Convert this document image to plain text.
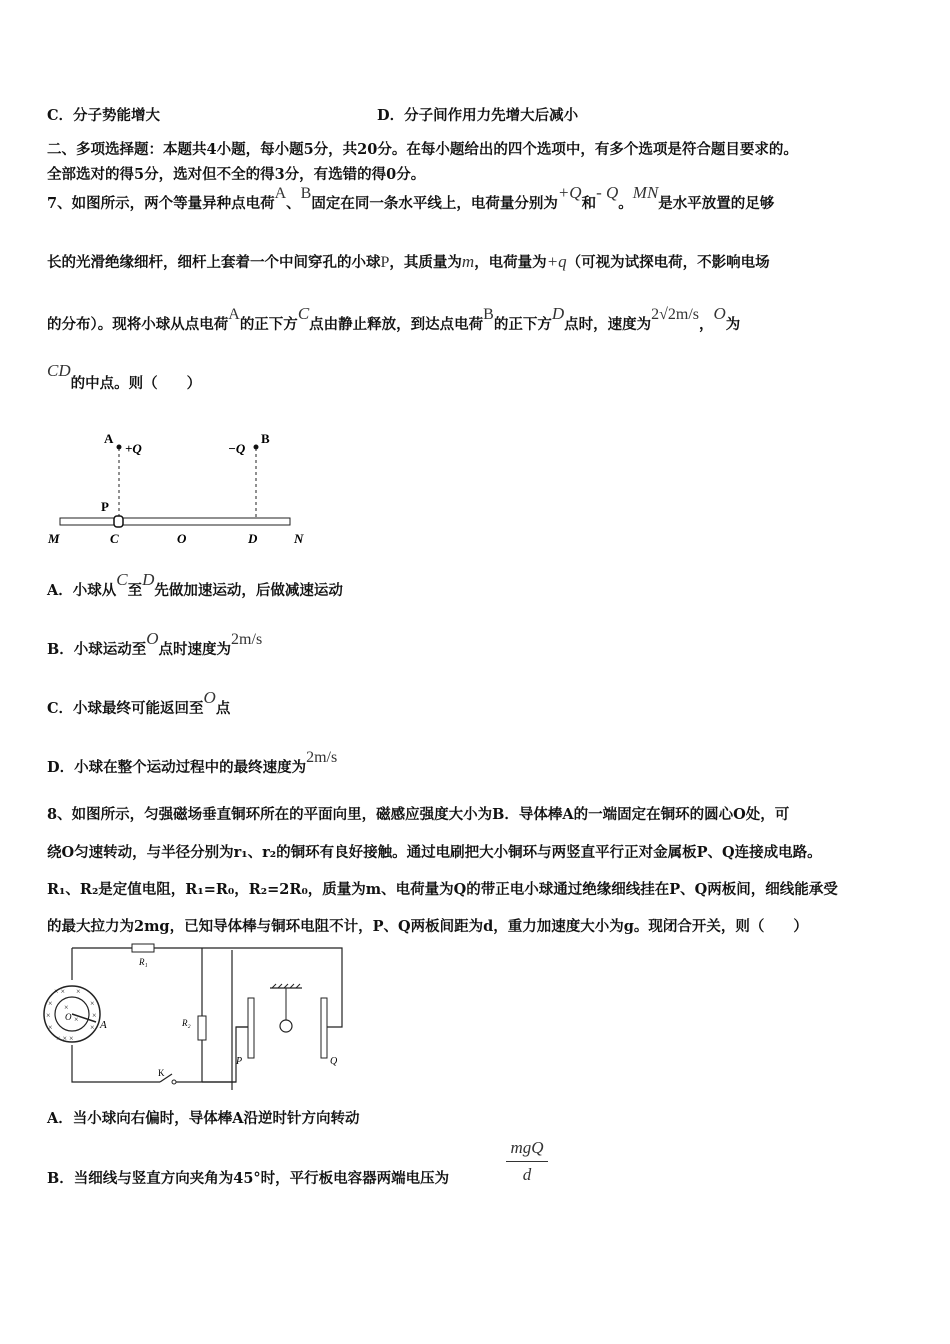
C．分子势能增大	D．分子间作用力先增大后减小
二、多项选择题：本题共4小题，每小题5分，共20分。在每小题给出的四个选项中，有多个选项是符合题目要求的。
全部选对的得5分，选对但不全的得3分，有选错的得0分。
7、如图所示，两个等量异种点电荷A、B固定在同一条水平线上，电荷量分别为+Q和- Q。MN是水平放置的足够
长的光滑绝缘细杆，细杆上套着一个中间穿孔的小球P，其质量为m，电荷量为+q（可视为试探电荷，不影响电场
的分布）。现将小球从点电荷A的正下方C点由静止释放，到达点电荷B的正下方D点时，速度为2√2m/s，O为
CD的中点。则（　　）
A
+Q	−Q
B
P
M	C	O	D	N
A．小球从C至D先做加速运动，后做减速运动
B．小球运动至O点时速度为2m/s
C．小球最终可能返回至O点
D．小球在整个运动过程中的最终速度为2m/s
8、如图所示，匀强磁场垂直铜环所在的平面向里，磁感应强度大小为B．导体棒A的一端固定在铜环的圆心O处，可
绕O匀速转动，与半径分别为r₁、r₂的铜环有良好接触。通过电刷把大小铜环与两竖直平行正对金属板P、Q连接成电路。
R₁、R₂是定值电阻，R₁=R₀，R₂=2R₀，质量为m、电荷量为Q的带正电小球通过绝缘细线挂在P、Q两板间，细线能承受
的最大拉力为2mg，已知导体棒与铜环电阻不计，P、Q两板间距为d，重力加速度大小为g。现闭合开关，则（　　）
R₁
R₂
K
× × ×
×	×
×	×
×	×
× × ×
×
×
O
A
P	Q
A．当小球向右偏时，导体棒A沿逆时针方向转动
B．当细线与竖直方向夹角为45°时，平行板电容器两端电压为
mgQ
d
